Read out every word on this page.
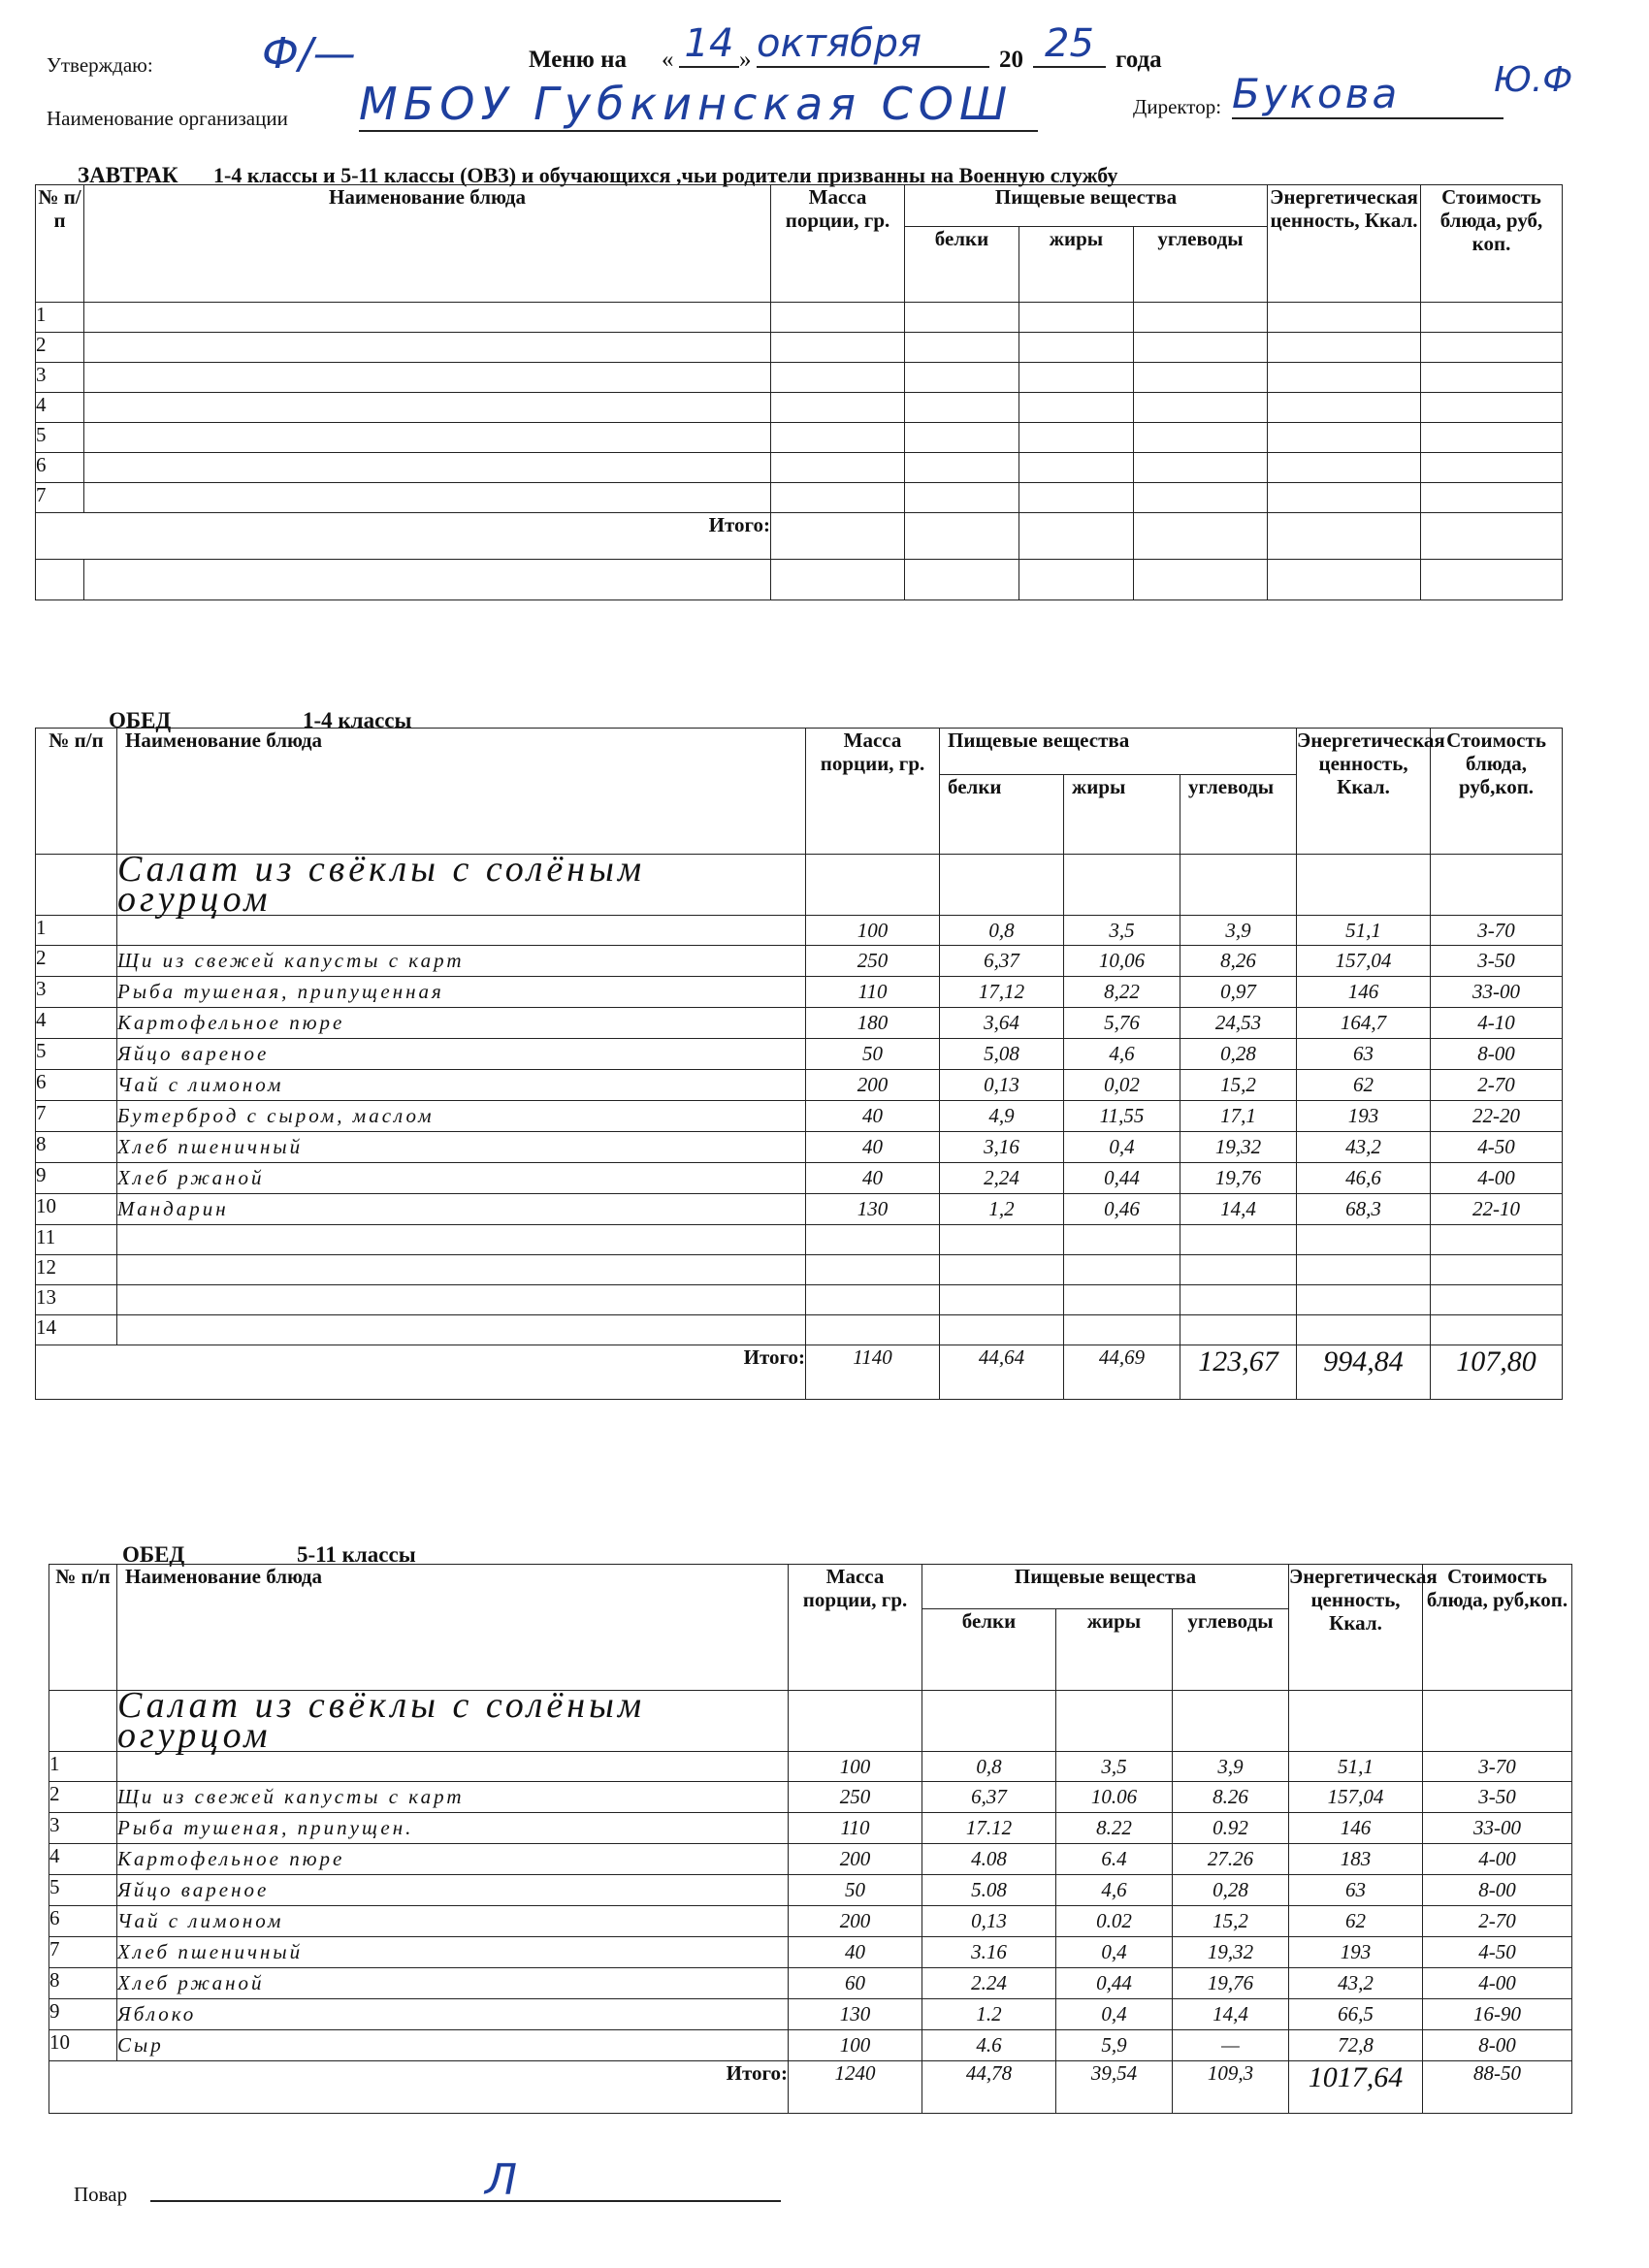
Утверждаю:	Ф/—	Меню на « 14 » октября	20 25 года
Наименование организации МБОУ Губкинская СОШ	Директор: Букова	Ю.Ф
ЗАВТРАК 1-4 классы и 5-11 классы (ОВЗ) и обучающихся ,чьи родители призванны на Военную службу
№ п/п	Наименование блюда	Масса порции, гр.	Пищевые вещества			Энергетическая ценность, Ккал.	Стоимость блюда, руб, коп.
			белки	жиры	углеводы		
1							
2							
3							
4							
5							
6							
7							
Итого:							

ОБЕД	1-4 классы
№ п/п	Наименование блюда	Масса порции, гр.	Пищевые вещества			Энергетическая ценность, Ккал.	Стоимость блюда, руб,коп.
			белки	жиры	углеводы		
	Салат из свёклы с солёным огурцом						
1		100	0,8	3,5	3,9	51,1	3-70
2	Щи из свежей капусты с карт	250	6,37	10,06	8,26	157,04	3-50
3	Рыба тушеная, припущенная	110	17,12	8,22	0,97	146	33-00
4	Картофельное пюре	180	3,64	5,76	24,53	164,7	4-10
5	Яйцо вареное	50	5,08	4,6	0,28	63	8-00
6	Чай с лимоном	200	0,13	0,02	15,2	62	2-70
7	Бутерброд с сыром, маслом	40	4,9	11,55	17,1	193	22-20
8	Хлеб пшеничный	40	3,16	0,4	19,32	43,2	4-50
9	Хлеб ржаной	40	2,24	0,44	19,76	46,6	4-00
10	Мандарин	130	1,2	0,46	14,4	68,3	22-10
11							
12							
13							
14							
Итого:		1140	44,64	44,69	123,67	994,84	107,80
ОБЕД	5-11 классы
№ п/п	Наименование блюда	Масса порции, гр.	Пищевые вещества			Энергетическая ценность, Ккал.	Стоимость блюда, руб,коп.
			белки	жиры	углеводы		
	Салат из свёклы с солёным огурцом						
1		100	0,8	3,5	3,9	51,1	3-70
2	Щи из свежей капусты с карт	250	6,37	10.06	8.26	157,04	3-50
3	Рыба тушеная, припущен.	110	17.12	8.22	0.92	146	33-00
4	Картофельное пюре	200	4.08	6.4	27.26	183	4-00
5	Яйцо вареное	50	5.08	4,6	0,28	63	8-00
6	Чай с лимоном	200	0,13	0.02	15,2	62	2-70
7	Хлеб пшеничный	40	3.16	0,4	19,32	193	4-50
8	Хлеб ржаной	60	2.24	0,44	19,76	43,2	4-00
9	Яблоко	130	1.2	0,4	14,4	66,5	16-90
10	Сыр	100	4.6	5,9	—	72,8	8-00
Итого:		1240	44,78	39,54	109,3	1017,64	88-50
Повар	Л
